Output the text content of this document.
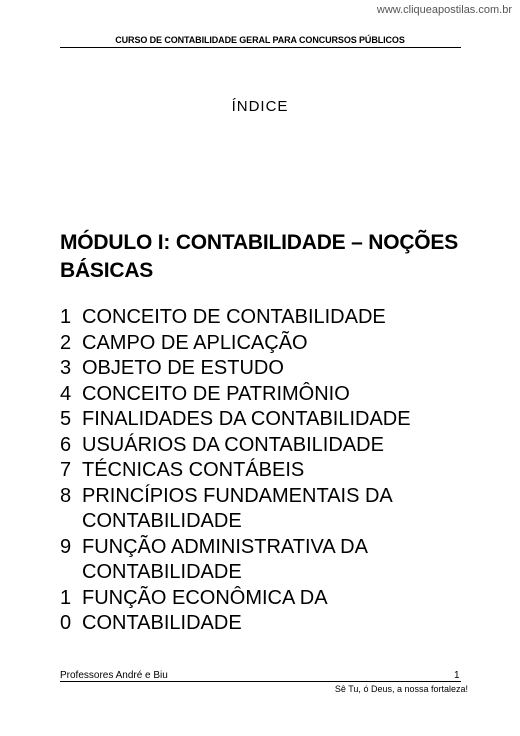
www.cliqueapostilas.com.br
CURSO DE CONTABILIDADE GERAL PARA CONCURSOS PÚBLICOS
ÍNDICE
MÓDULO I: CONTABILIDADE – NOÇÕES BÁSICAS
1 CONCEITO DE CONTABILIDADE
2 CAMPO DE APLICAÇÃO
3 OBJETO DE ESTUDO
4 CONCEITO DE PATRIMÔNIO
5 FINALIDADES DA CONTABILIDADE
6 USUÁRIOS DA CONTABILIDADE
7 TÉCNICAS CONTÁBEIS
8 PRINCÍPIOS FUNDAMENTAIS DA
CONTABILIDADE
9 FUNÇÃO ADMINISTRATIVA DA
CONTABILIDADE
1 FUNÇÃO ECONÔMICA DA
0 CONTABILIDADE
Professores André e Biu	1
Sê Tu, ó Deus, a nossa fortaleza!
